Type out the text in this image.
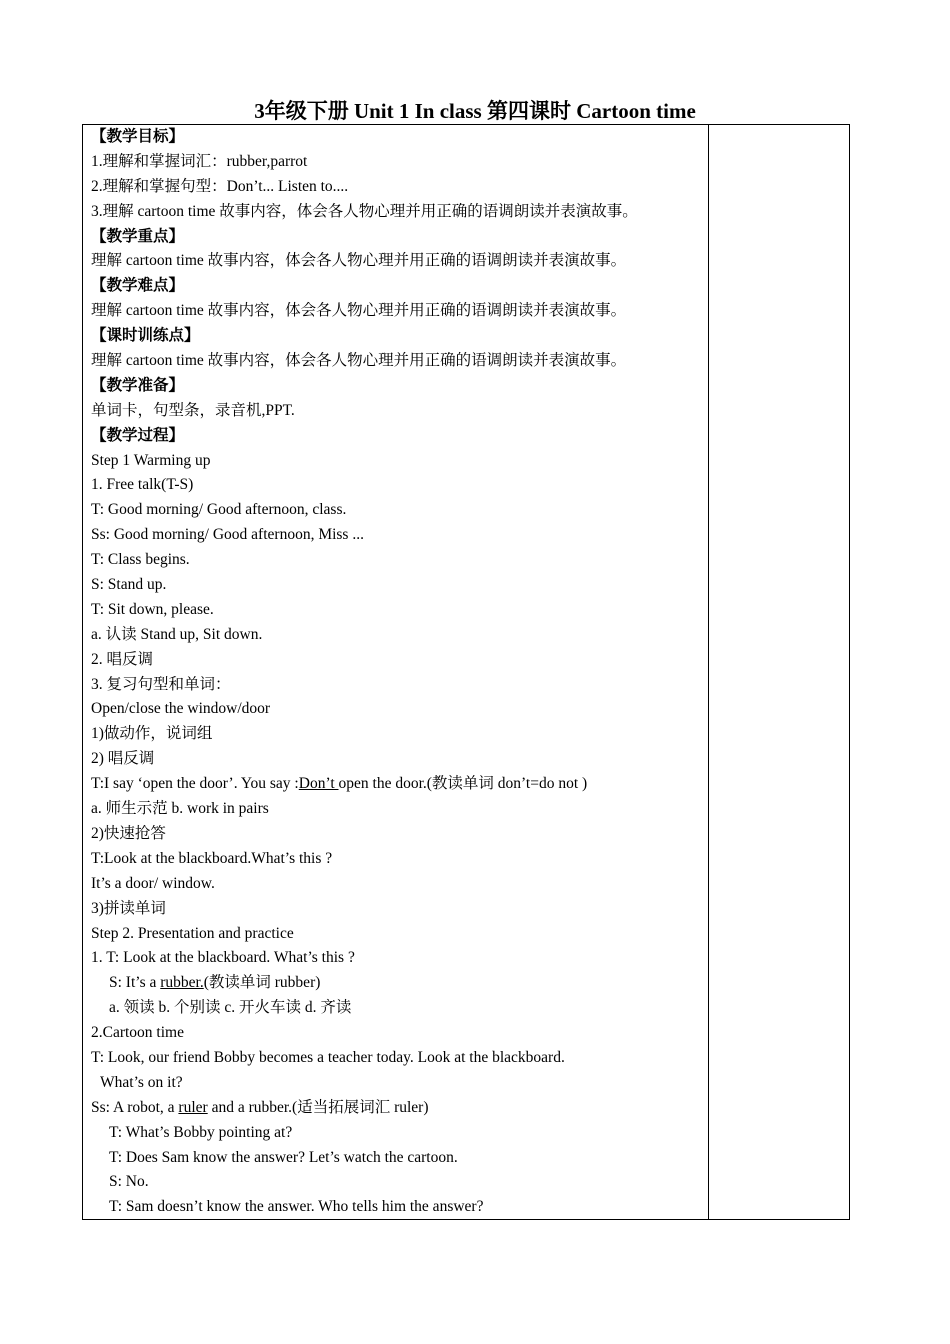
3年级下册 Unit 1 In class 第四课时 Cartoon time
【教学目标】
1.理解和掌握词汇：rubber,parrot
2.理解和掌握句型：Don’t... Listen to....
3.理解 cartoon time 故事内容，体会各人物心理并用正确的语调朗读并表演故事。
【教学重点】
理解 cartoon time 故事内容，体会各人物心理并用正确的语调朗读并表演故事。
【教学难点】
理解 cartoon time 故事内容，体会各人物心理并用正确的语调朗读并表演故事。
【课时训练点】
理解 cartoon time 故事内容，体会各人物心理并用正确的语调朗读并表演故事。
【教学准备】
单词卡，句型条，录音机,PPT.
【教学过程】
Step 1 Warming up
1. Free talk(T-S)
T: Good morning/ Good afternoon, class.
Ss: Good morning/ Good afternoon, Miss ...
T: Class begins.
S: Stand up.
T: Sit down, please.
a. 认读 Stand up, Sit down.
2. 唱反调
3. 复习句型和单词：
Open/close the window/door
1)做动作，说词组
2) 唱反调
T:I say ‘open the door’. You say :Don’t open the door.(教读单词 don’t=do not )
a. 师生示范 b. work in pairs
2)快速抢答
T:Look at the blackboard.What’s this ?
It’s a door/ window.
3)拼读单词
Step 2. Presentation and practice
1. T: Look at the blackboard. What’s this ?
S: It’s a rubber.(教读单词 rubber)
a. 领读 b. 个别读 c. 开火车读 d. 齐读
2.Cartoon time
T: Look, our friend Bobby becomes a teacher today. Look at the blackboard.
What’s on it?
Ss: A robot, a ruler and a rubber.(适当拓展词汇 ruler)
T: What’s Bobby pointing at?
T: Does Sam know the answer? Let’s watch the cartoon.
S: No.
T: Sam doesn’t know the answer. Who tells him the answer?
